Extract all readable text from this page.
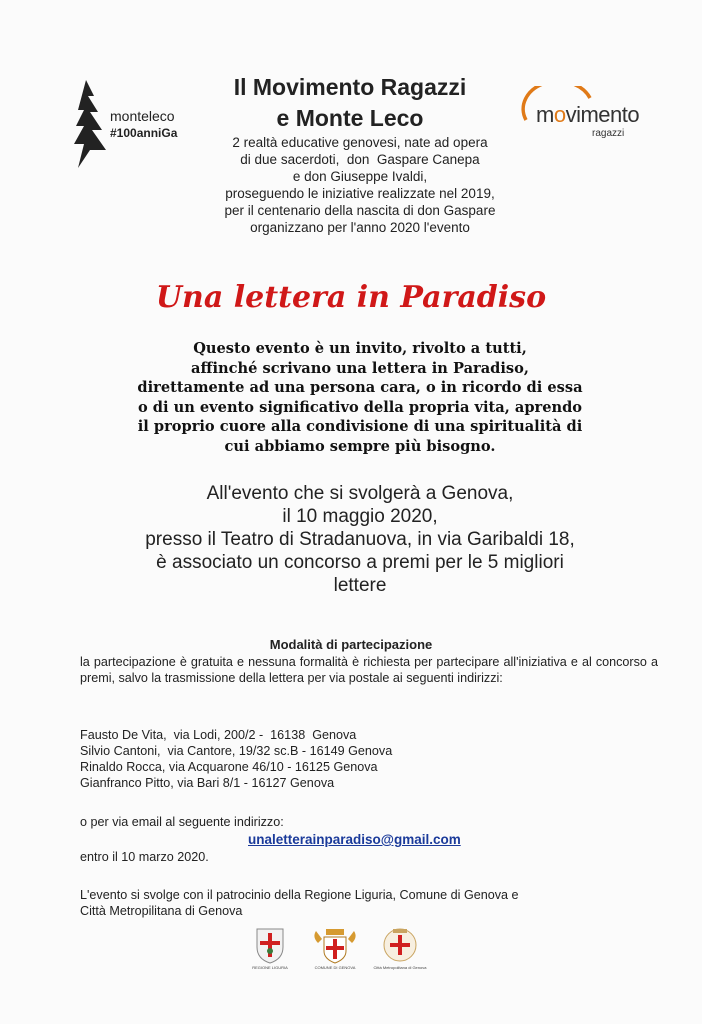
monteleco
#100anniGa
movimento
ragazzi
Il Movimento Ragazzi
e Monte Leco
2 realtà educative genovesi, nate ad opera
di due sacerdoti,  don  Gaspare Canepa
e don Giuseppe Ivaldi,
proseguendo le iniziative realizzate nel 2019,
per il centenario della nascita di don Gaspare
organizzano per l'anno 2020 l'evento
Una lettera in Paradiso
Questo evento è un invito, rivolto a tutti,
affinché scrivano una lettera in Paradiso,
direttamente ad una persona cara, o in ricordo di essa
o di un evento significativo della propria vita, aprendo
il proprio cuore alla condivisione di una spiritualità di
cui abbiamo sempre più bisogno.
All'evento che si svolgerà a Genova,
il 10 maggio 2020,
presso il Teatro di Stradanuova, in via Garibaldi 18,
è associato un concorso a premi per le 5 migliori
lettere
Modalità di partecipazione
la partecipazione è gratuita e nessuna formalità è richiesta per partecipare all'iniziativa e al concorso a premi, salvo la trasmissione della lettera per via postale ai seguenti indirizzi:
Fausto De Vita,  via Lodi, 200/2 -  16138  Genova
Silvio Cantoni,  via Cantore, 19/32 sc.B - 16149 Genova
Rinaldo Rocca, via Acquarone 46/10 - 16125 Genova
Gianfranco Pitto, via Bari 8/1 - 16127 Genova
o per via email al seguente indirizzo:
unaletterainparadiso@gmail.com
entro il 10 marzo 2020.
L'evento si svolge con il patrocinio della Regione Liguria, Comune di Genova e
Città Metropilitana di Genova
REGIONE LIGURIA	COMUNE DI GENOVA	Città Metropolitana di Genova
